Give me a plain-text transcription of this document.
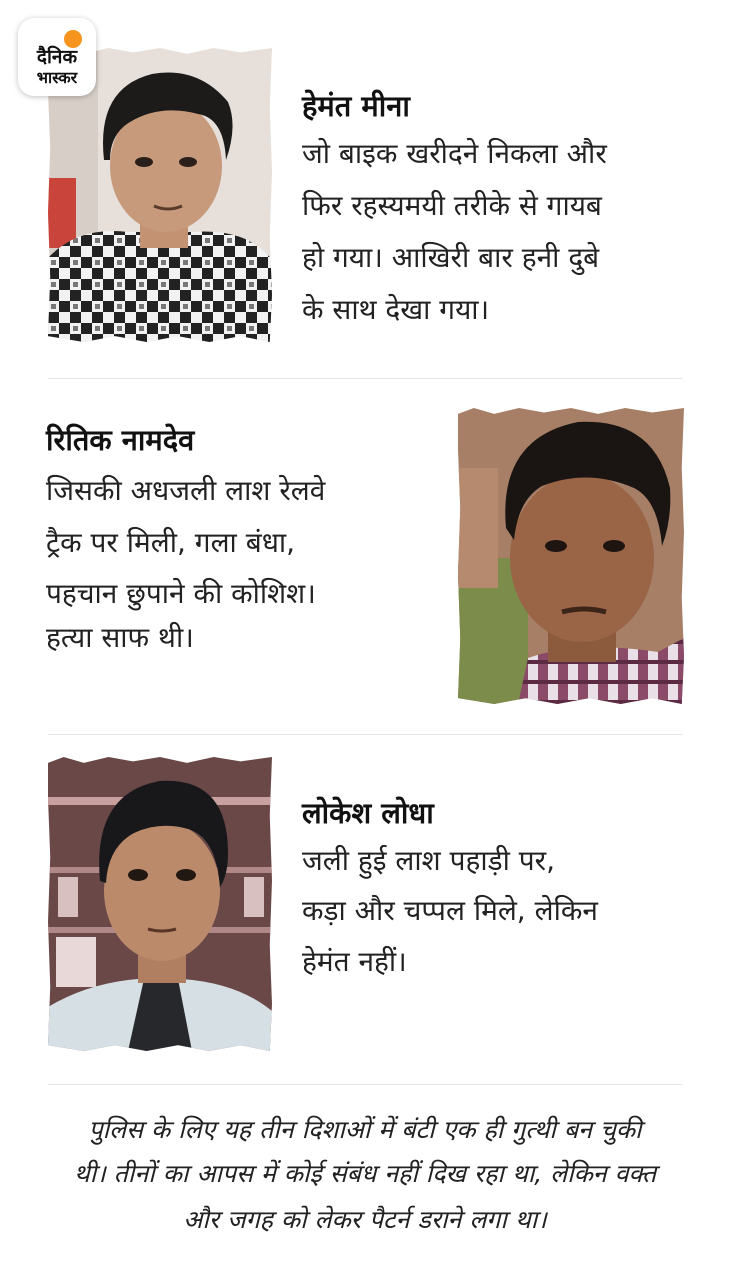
दैनिक
भास्कर
हेमंत मीना
जो बाइक खरीदने निकला और
फिर रहस्यमयी तरीके से गायब
हो गया। आखिरी बार हनी दुबे
के साथ देखा गया।
रितिक नामदेव
जिसकी अधजली लाश रेलवे
ट्रैक पर मिली, गला बंधा,
पहचान छुपाने की कोशिश।
हत्या साफ थी।
लोकेश लोधा
जली हुई लाश पहाड़ी पर,
कड़ा और चप्पल मिले, लेकिन
हेमंत नहीं।
पुलिस के लिए यह तीन दिशाओं में बंटी एक ही गुत्थी बन चुकी
थी। तीनों का आपस में कोई संबंध नहीं दिख रहा था, लेकिन वक्त
और जगह को लेकर पैटर्न डराने लगा था।
